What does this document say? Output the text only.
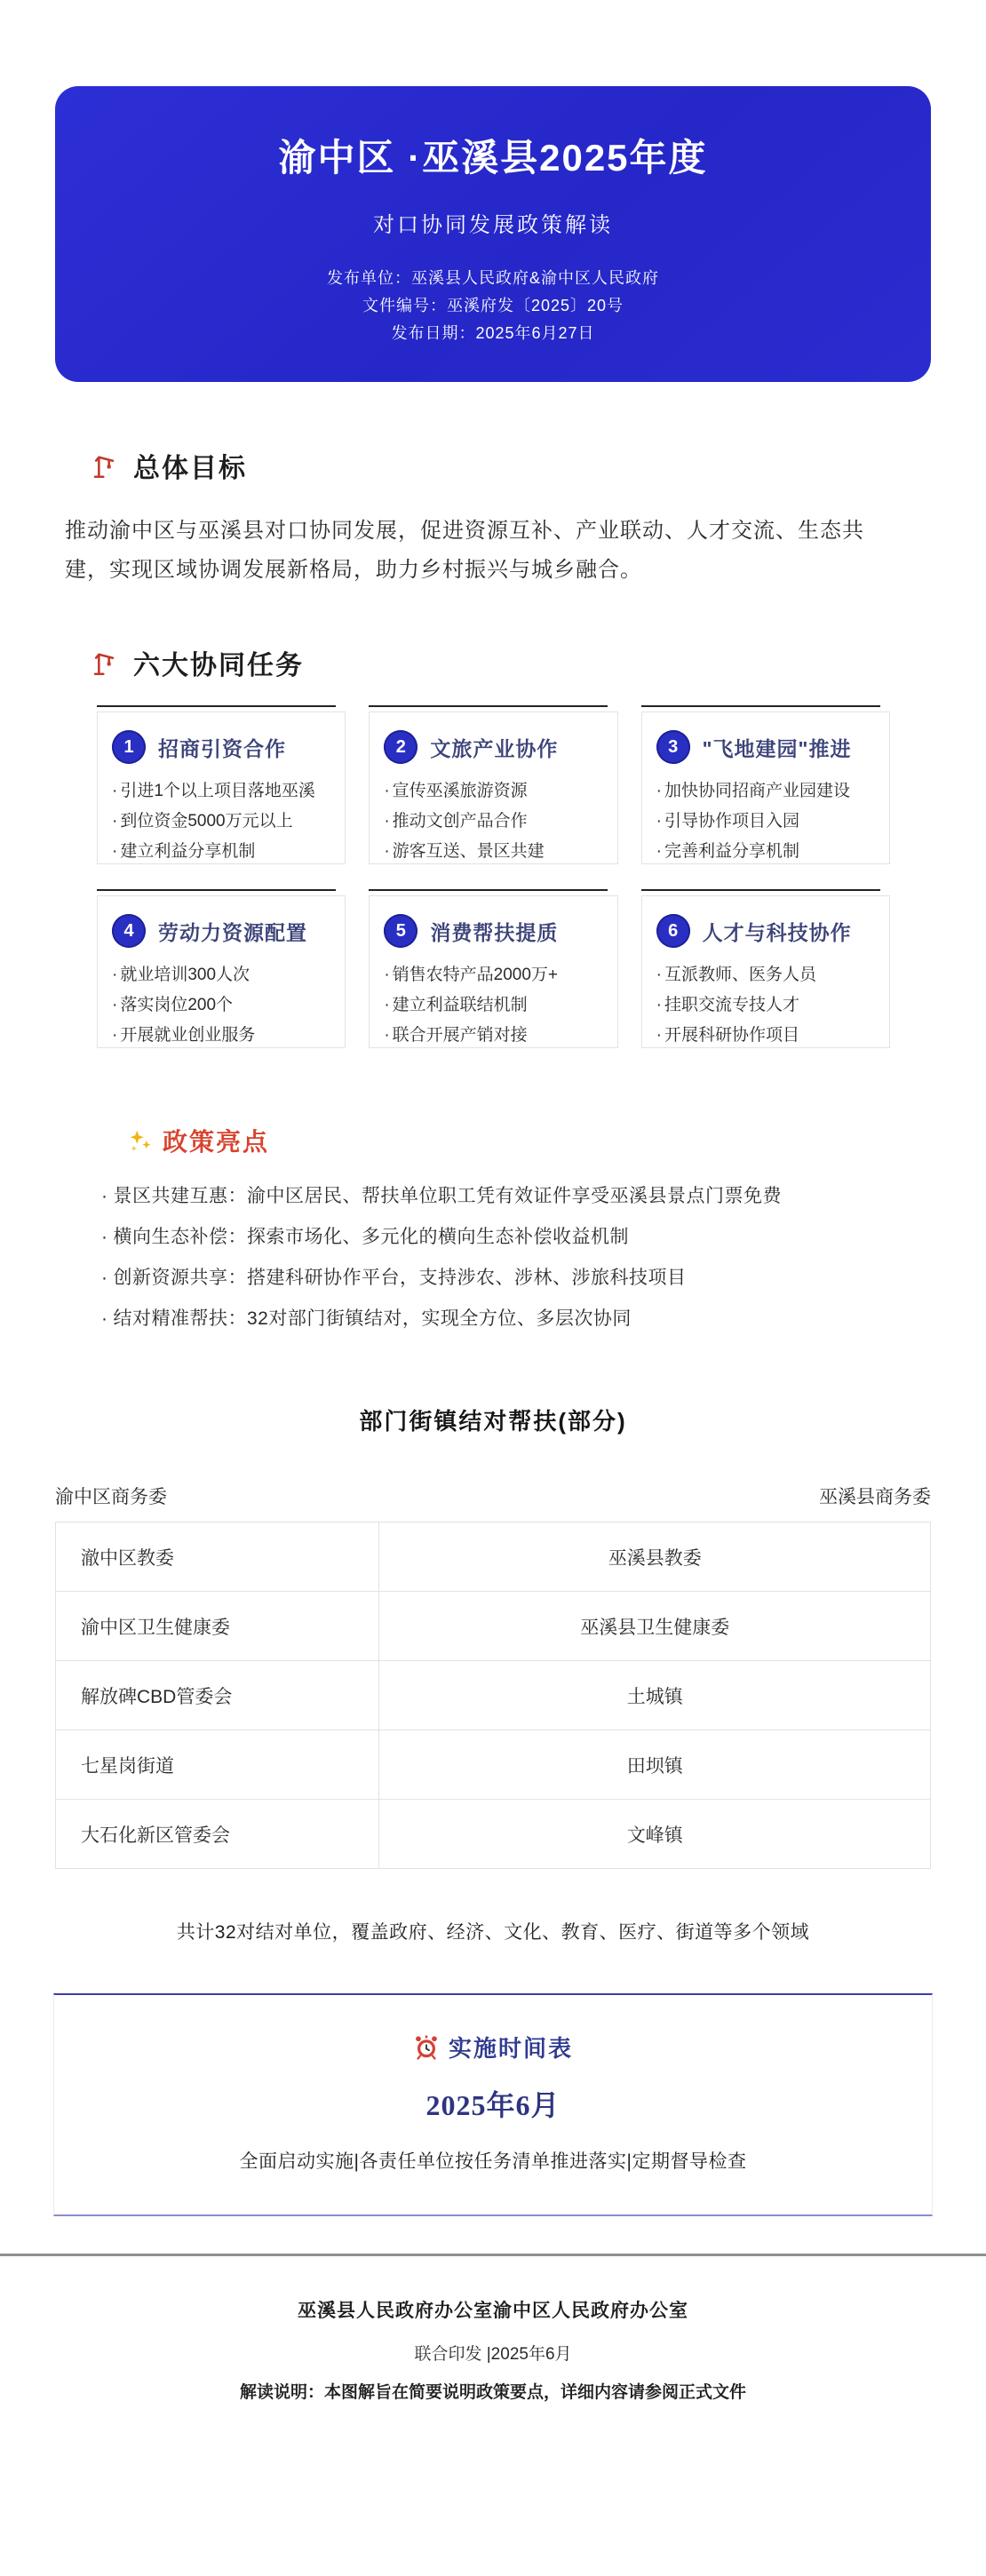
渝中区 ·巫溪县2025年度
对口协同发展政策解读
发布单位：巫溪县人民政府&渝中区人民政府
文件编号：巫溪府发〔2025〕20号
发布日期：2025年6月27日
总体目标

推动渝中区与巫溪县对口协同发展，促进资源互补、产业联动、人才交流、生态共建，实现区域协调发展新格局，助力乡村振兴与城乡融合。

六大协同任务
1	招商引资合作
· 引进1个以上项目落地巫溪
· 到位资金5000万元以上
· 建立利益分享机制
2	文旅产业协作
· 宣传巫溪旅游资源
· 推动文创产品合作
· 游客互送、景区共建
3	"飞地建园"推进
· 加快协同招商产业园建设
· 引导协作项目入园
· 完善利益分享机制
4	劳动力资源配置
· 就业培训300人次
· 落实岗位200个
· 开展就业创业服务
5	消费帮扶提质
· 销售农特产品2000万+
· 建立利益联结机制
· 联合开展产销对接
6	人才与科技协作
· 互派教师、医务人员
· 挂职交流专技人才
· 开展科研协作项目
政策亮点
· 景区共建互惠：渝中区居民、帮扶单位职工凭有效证件享受巫溪县景点门票免费
· 横向生态补偿：探索市场化、多元化的横向生态补偿收益机制
· 创新资源共享：搭建科研协作平台，支持涉农、涉林、涉旅科技项目
· 结对精准帮扶：32对部门街镇结对，实现全方位、多层次协同
部门街镇结对帮扶(部分)
渝中区商务委	巫溪县商务委
澈中区教委	巫溪县教委
渝中区卫生健康委	巫溪县卫生健康委
解放碑CBD管委会	土城镇
七星岗街道	田坝镇
大石化新区管委会	文峰镇
共计32对结对单位，覆盖政府、经济、文化、教育、医疗、街道等多个领域
实施时间表
2025年6月
全面启动实施|各责任单位按任务清单推进落实|定期督导检查
巫溪县人民政府办公室渝中区人民政府办公室
联合印发 |2025年6月
解读说明：本图解旨在简要说明政策要点，详细内容请参阅正式文件
